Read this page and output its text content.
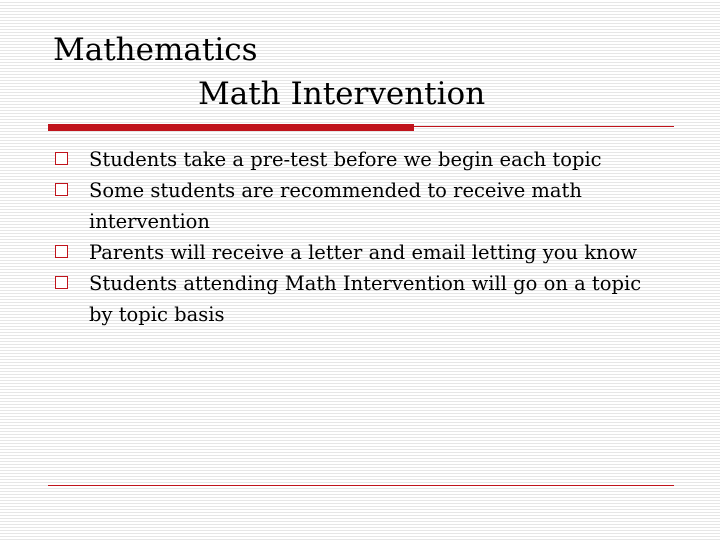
Mathematics
Math Intervention
Students take a pre-test before we begin each topic
Some students are recommended to receive math intervention
Parents will receive a letter and email letting you know
Students attending Math Intervention will go on a topic by topic basis
